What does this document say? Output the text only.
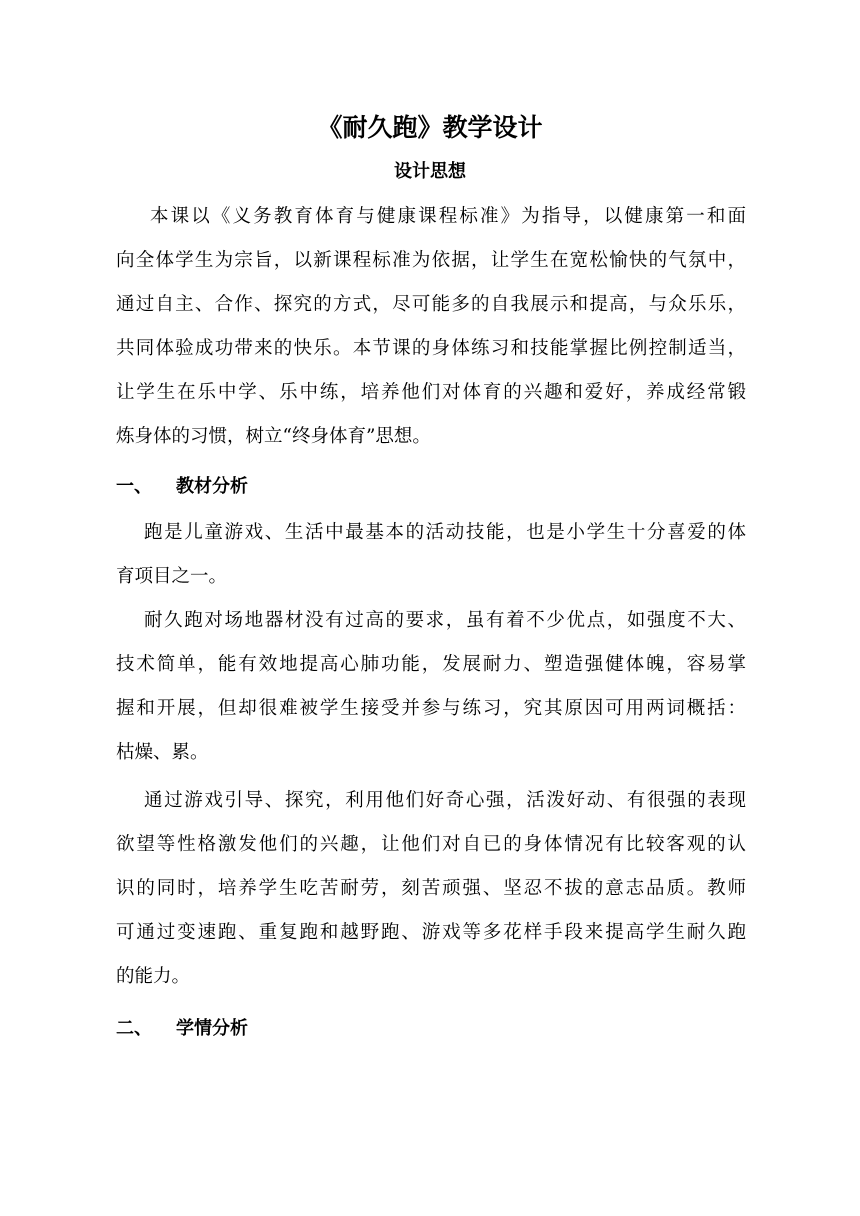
《耐久跑》教学设计
设计思想
本课以《义务教育体育与健康课程标准》为指导，以健康第一和面
向全体学生为宗旨，以新课程标准为依据，让学生在宽松愉快的气氛中，
通过自主、合作、探究的方式，尽可能多的自我展示和提高，与众乐乐，
共同体验成功带来的快乐。本节课的身体练习和技能掌握比例控制适当，
让学生在乐中学、乐中练，培养他们对体育的兴趣和爱好，养成经常锻
炼身体的习惯，树立“终身体育”思想。
一、 教材分析
跑是儿童游戏、生活中最基本的活动技能，也是小学生十分喜爱的体
育项目之一。
耐久跑对场地器材没有过高的要求，虽有着不少优点，如强度不大、
技术简单，能有效地提高心肺功能，发展耐力、塑造强健体魄，容易掌
握和开展，但却很难被学生接受并参与练习，究其原因可用两词概括：
枯燥、累。
通过游戏引导、探究，利用他们好奇心强，活泼好动、有很强的表现
欲望等性格激发他们的兴趣，让他们对自已的身体情况有比较客观的认
识的同时，培养学生吃苦耐劳，刻苦顽强、坚忍不拔的意志品质。教师
可通过变速跑、重复跑和越野跑、游戏等多花样手段来提高学生耐久跑
的能力。
二、 学情分析
